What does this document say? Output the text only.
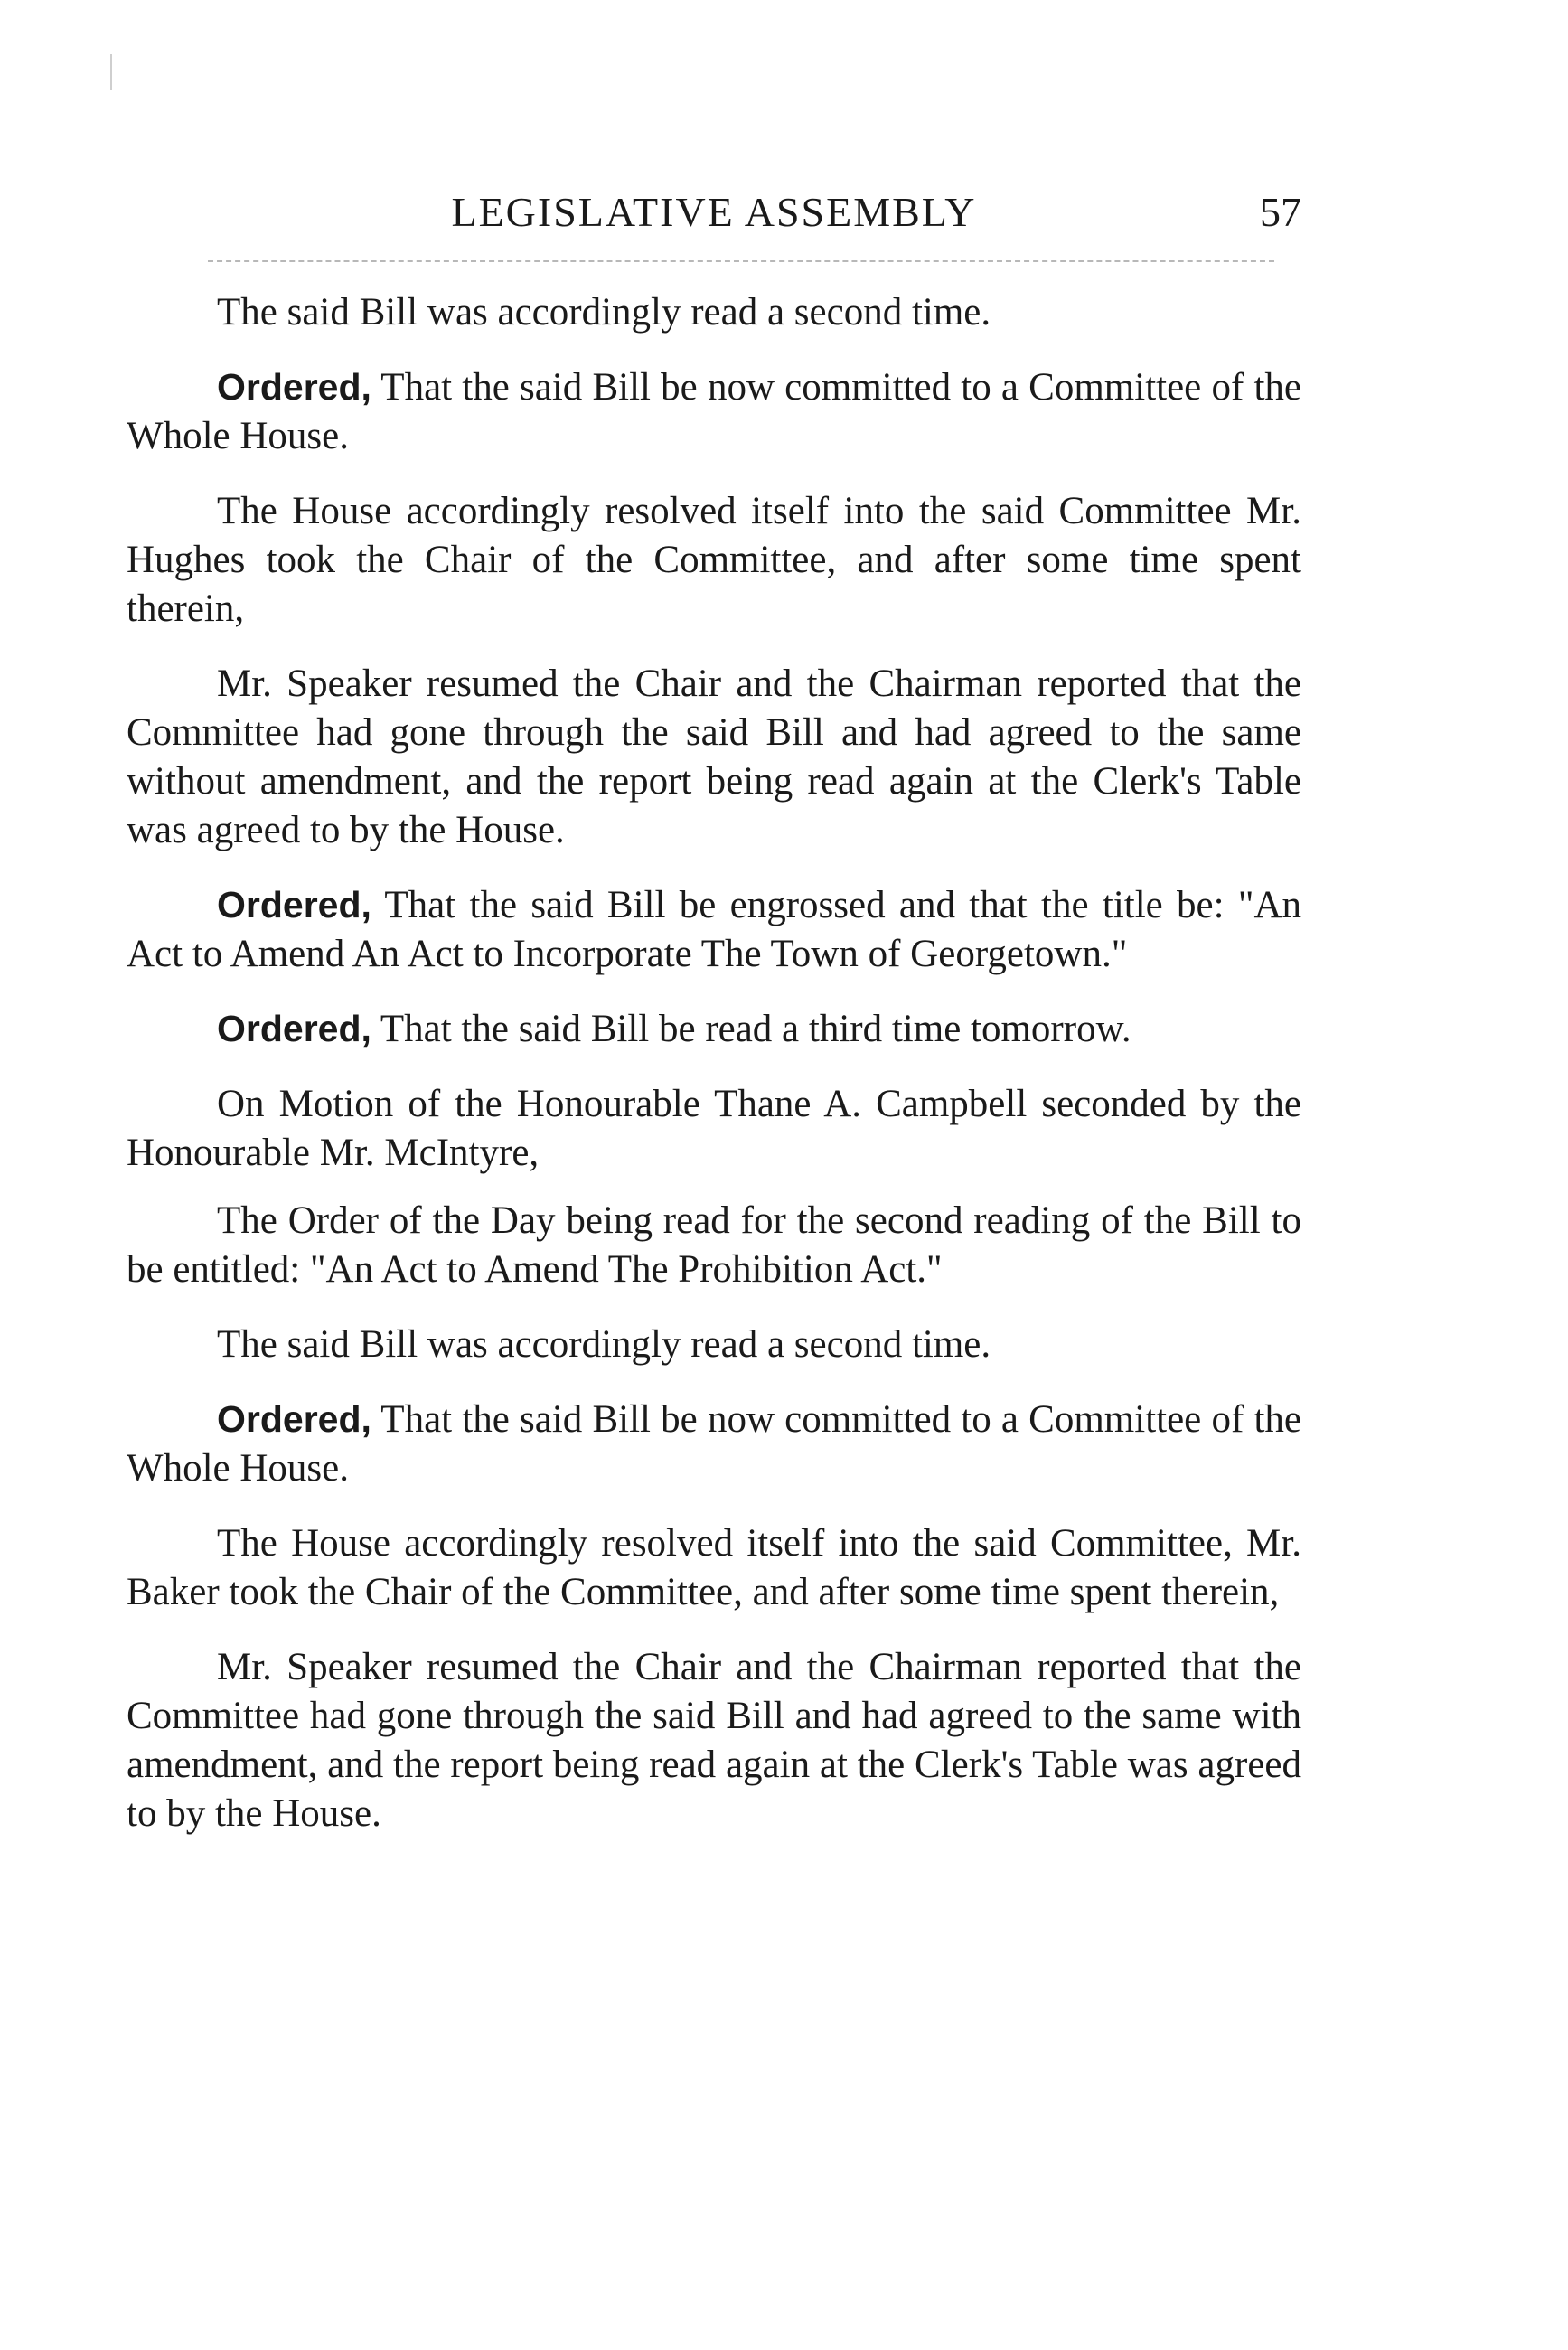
LEGISLATIVE ASSEMBLY	57

The said Bill was accordingly read a second time.

Ordered, That the said Bill be now committed to a Committee of the Whole House.

The House accordingly resolved itself into the said Committee Mr. Hughes took the Chair of the Committee, and after some time spent therein,

Mr. Speaker resumed the Chair and the Chairman reported that the Committee had gone through the said Bill and had agreed to the same without amendment, and the report being read again at the Clerk's Table was agreed to by the House.

Ordered, That the said Bill be engrossed and that the title be: "An Act to Amend An Act to Incorporate The Town of Georgetown."

Ordered, That the said Bill be read a third time tomorrow.

On Motion of the Honourable Thane A. Campbell seconded by the Honourable Mr. McIntyre,

The Order of the Day being read for the second reading of the Bill to be entitled: "An Act to Amend The Prohibition Act."

The said Bill was accordingly read a second time.

Ordered, That the said Bill be now committed to a Committee of the Whole House.

The House accordingly resolved itself into the said Committee, Mr. Baker took the Chair of the Committee, and after some time spent therein,

Mr. Speaker resumed the Chair and the Chairman reported that the Committee had gone through the said Bill and had agreed to the same with amendment, and the report being read again at the Clerk's Table was agreed to by the House.
